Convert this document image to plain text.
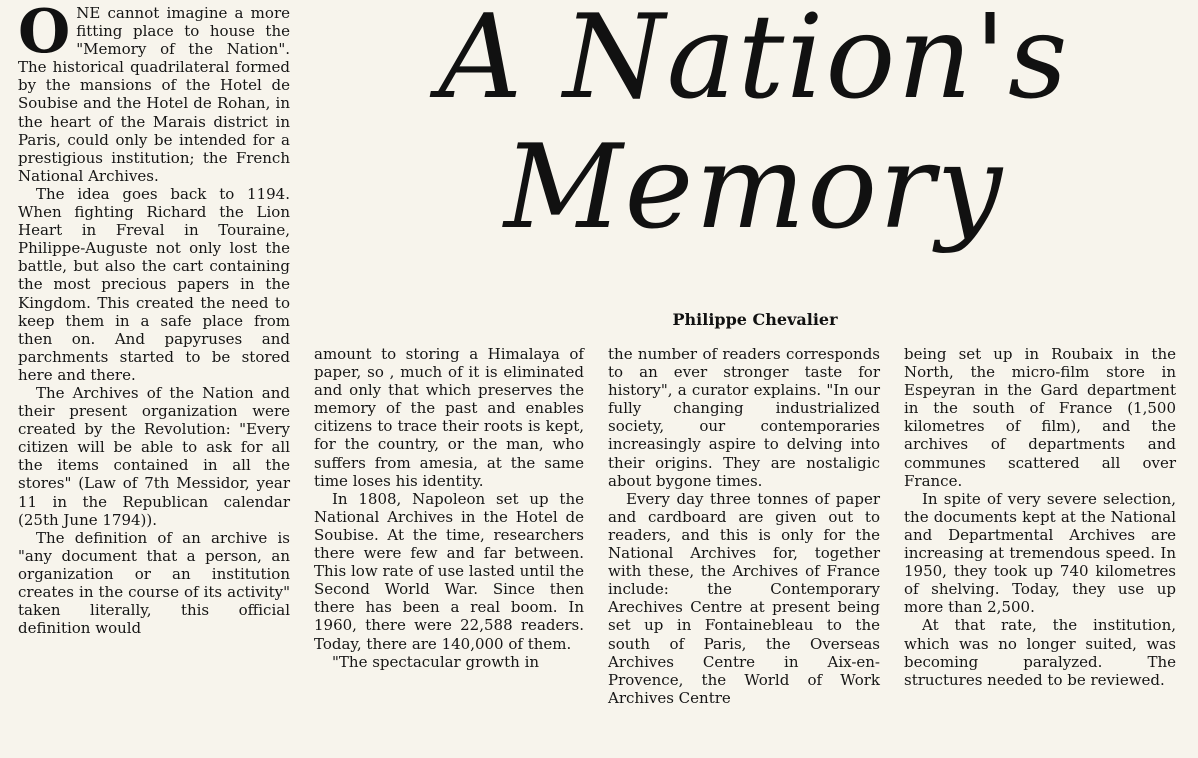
ONE cannot imagine a more fitting place to house the "Memory of the Nation". The historical quadrilateral formed by the mansions of the Hotel de Soubise and the Hotel de Rohan, in the heart of the Marais district in Paris, could only be intended for a prestigious institution; the French National Archives.

The idea goes back to 1194. When fighting Richard the Lion Heart in Freval in Touraine, Philippe-Auguste not only lost the battle, but also the cart containing the most precious papers in the Kingdom. This created the need to keep them in a safe place from then on. And papyruses and parchments started to be stored here and there.

The Archives of the Nation and their present organization were created by the Revolution: "Every citizen will be able to ask for all the items contained in all the stores" (Law of 7th Messidor, year 11 in the Republican calendar (25th June 1794)).

The definition of an archive is "any document that a person, an organization or an institution creates in the course of its activity" taken literally, this official definition would

A Nation's
Memory
Philippe Chevalier

amount to storing a Himalaya of paper, so , much of it is eliminated and only that which preserves the memory of the past and enables citizens to trace their roots is kept, for the country, or the man, who suffers from amesia, at the same time loses his identity.

In 1808, Napoleon set up the National Archives in the Hotel de Soubise. At the time, researchers there were few and far between. This low rate of use lasted until the Second World War. Since then there has been a real boom. In 1960, there were 22,588 readers. Today, there are 140,000 of them.

"The spectacular growth in

the number of readers corresponds to an ever stronger taste for history", a curator explains. "In our fully changing industrialized society, our contemporaries increasingly aspire to delving into their origins. They are nostaligic about bygone times.

Every day three tonnes of paper and cardboard are given out to readers, and this is only for the National Archives for, together with these, the Archives of France include: the Contemporary Arechives Centre at present being set up in Fontainebleau to the south of Paris, the Overseas Archives Centre in Aix-en-Provence, the World of Work Archives Centre

being set up in Roubaix in the North, the micro-film store in Espeyran in the Gard department in the south of France (1,500 kilometres of film), and the archives of departments and communes scattered all over France.

In spite of very severe selection, the documents kept at the National and Departmental Archives are increasing at tremendous speed. In 1950, they took up 740 kilometres of shelving. Today, they use up more than 2,500.

At that rate, the institution, which was no longer suited, was becoming paralyzed. The structures needed to be reviewed.
